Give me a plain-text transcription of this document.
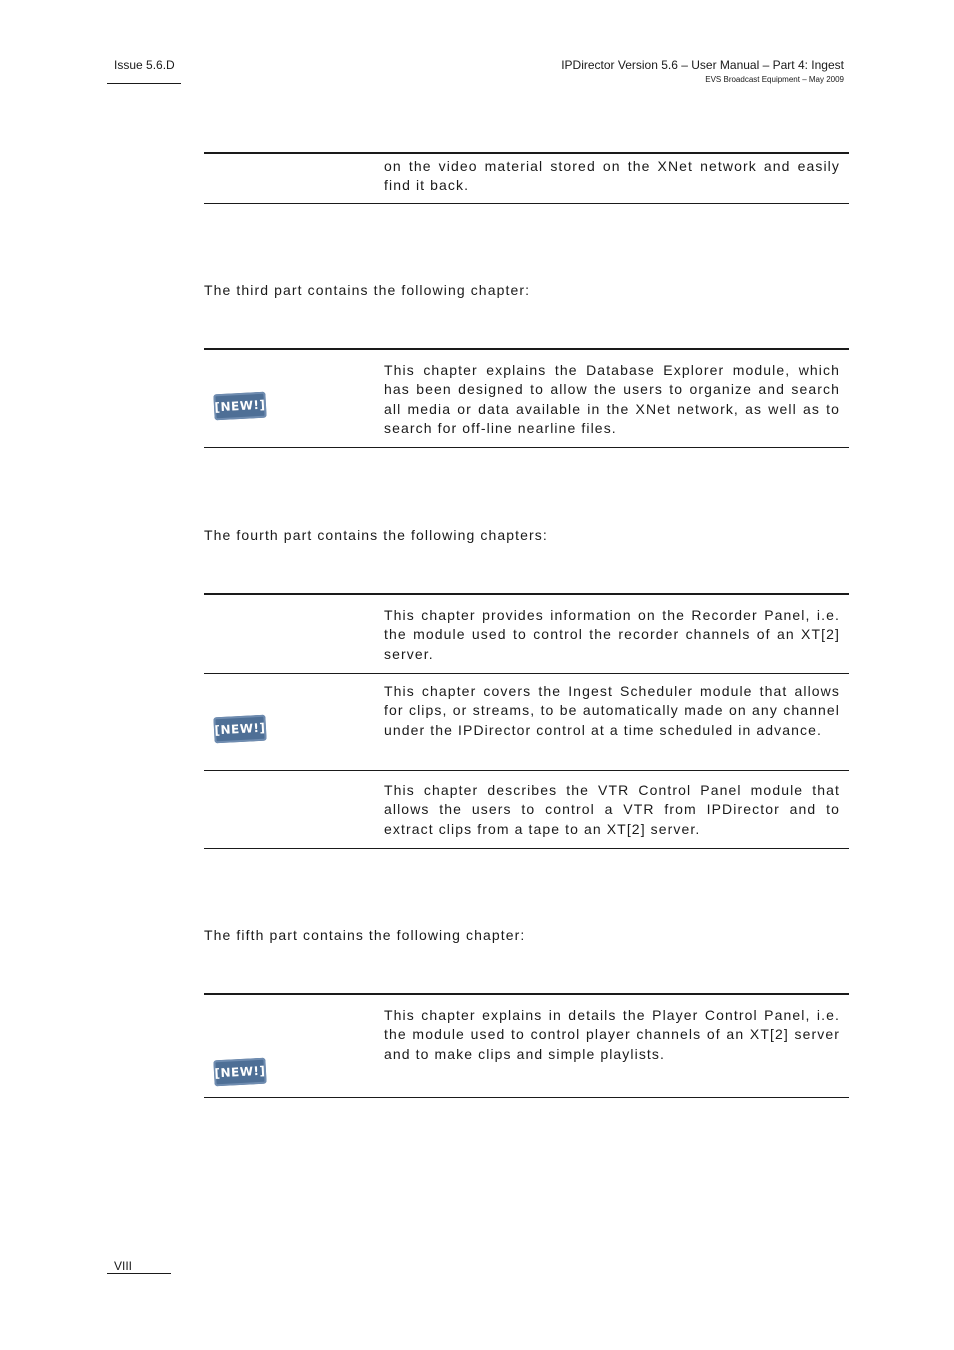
Issue 5.6.D	IPDirector Version 5.6 – User Manual – Part 4: Ingest
EVS Broadcast Equipment – May 2009
on the video material stored on the XNet network and easily find it back.
The third part contains the following chapter:
[ NEW! ]
This chapter explains the Database Explorer module, which has been designed to allow the users to organize and search all media or data available in the XNet network, as well as to search for off-line nearline files.
The fourth part contains the following chapters:
This chapter provides information on the Recorder Panel, i.e. the module used to control the recorder channels of an XT[2] server.
[ NEW! ]
This chapter covers the Ingest Scheduler module that allows for clips, or streams, to be automatically made on any channel under the IPDirector control at a time scheduled in advance.
This chapter describes the VTR Control Panel module that allows the users to control a VTR from IPDirector and to extract clips from a tape to an XT[2] server.
The fifth part contains the following chapter:
[ NEW! ]
This chapter explains in details the Player Control Panel, i.e. the module used to control player channels of an XT[2] server and to make clips and simple playlists.
VIII
